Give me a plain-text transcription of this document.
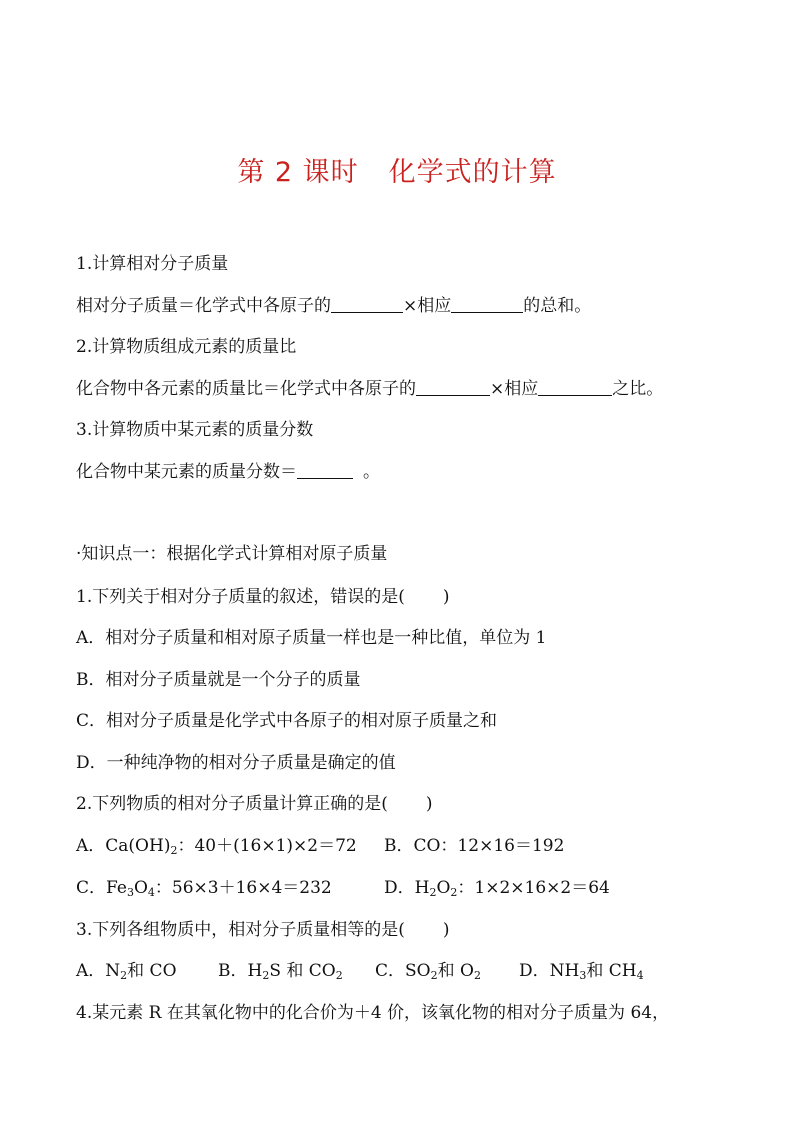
第 2 课时 化学式的计算
1.计算相对分子质量
相对分子质量＝化学式中各原子的	×相应	的总和。
2.计算物质组成元素的质量比
化合物中各元素的质量比＝化学式中各原子的	×相应	之比。
3.计算物质中某元素的质量分数
化合物中某元素的质量分数＝	。
·知识点一：根据化学式计算相对原子质量
1.下列关于相对分子质量的叙述，错误的是( )
A．相对分子质量和相对原子质量一样也是一种比值，单位为 1
B．相对分子质量就是一个分子的质量
C．相对分子质量是化学式中各原子的相对原子质量之和
D．一种纯净物的相对分子质量是确定的值
2.下列物质的相对分子质量计算正确的是( )
A．$Ca(OH)_2$：40＋(16×1)×2＝72 B．CO：12×16＝192
C．$Fe_3O_4$：56×3＋16×4＝232	D．$H_2O_2$：1×2×16×2＝64
3.下列各组物质中，相对分子质量相等的是( )
A．$N_2$和 CO B．$H_2S$ 和 $CO_2$ C．$SO_2$和 $O_2$ D．$NH_3$和 $CH_4$
4.某元素 R 在其氧化物中的化合价为＋4 价，该氧化物的相对分子质量为 64，
